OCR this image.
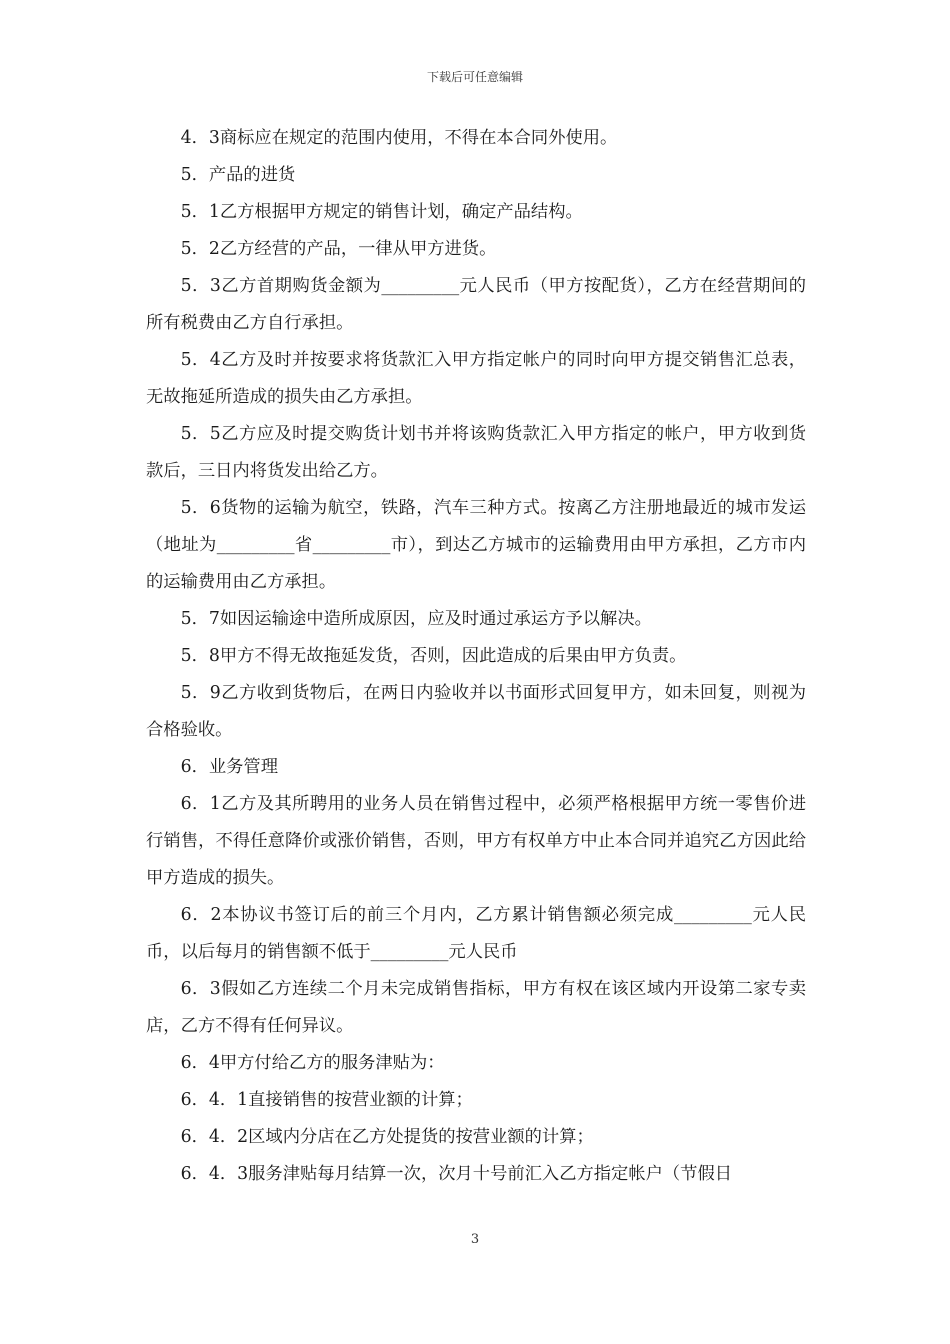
下载后可任意编辑

4．3商标应在规定的范围内使用，不得在本合同外使用。

5．产品的进货

5．1乙方根据甲方规定的销售计划，确定产品结构。

5．2乙方经营的产品，一律从甲方进货。

5．3乙方首期购货金额为_________元人民币（甲方按配货），乙方在经营期间的所有税费由乙方自行承担。

5．4乙方及时并按要求将货款汇入甲方指定帐户的同时向甲方提交销售汇总表，无故拖延所造成的损失由乙方承担。

5．5乙方应及时提交购货计划书并将该购货款汇入甲方指定的帐户，甲方收到货款后，三日内将货发出给乙方。

5．6货物的运输为航空，铁路，汽车三种方式。按离乙方注册地最近的城市发运（地址为_________省_________市），到达乙方城市的运输费用由甲方承担，乙方市内的运输费用由乙方承担。

5．7如因运输途中造所成原因，应及时通过承运方予以解决。

5．8甲方不得无故拖延发货，否则，因此造成的后果由甲方负责。

5．9乙方收到货物后，在两日内验收并以书面形式回复甲方，如未回复，则视为合格验收。

6．业务管理

6．1乙方及其所聘用的业务人员在销售过程中，必须严格根据甲方统一零售价进行销售，不得任意降价或涨价销售，否则，甲方有权单方中止本合同并追究乙方因此给甲方造成的损失。

6．2本协议书签订后的前三个月内，乙方累计销售额必须完成_________元人民币，以后每月的销售额不低于_________元人民币

6．3假如乙方连续二个月未完成销售指标，甲方有权在该区域内开设第二家专卖店，乙方不得有任何异议。

6．4甲方付给乙方的服务津贴为：

6．4．1直接销售的按营业额的计算；

6．4．2区域内分店在乙方处提货的按营业额的计算；

6．4．3服务津贴每月结算一次，次月十号前汇入乙方指定帐户（节假日

3
